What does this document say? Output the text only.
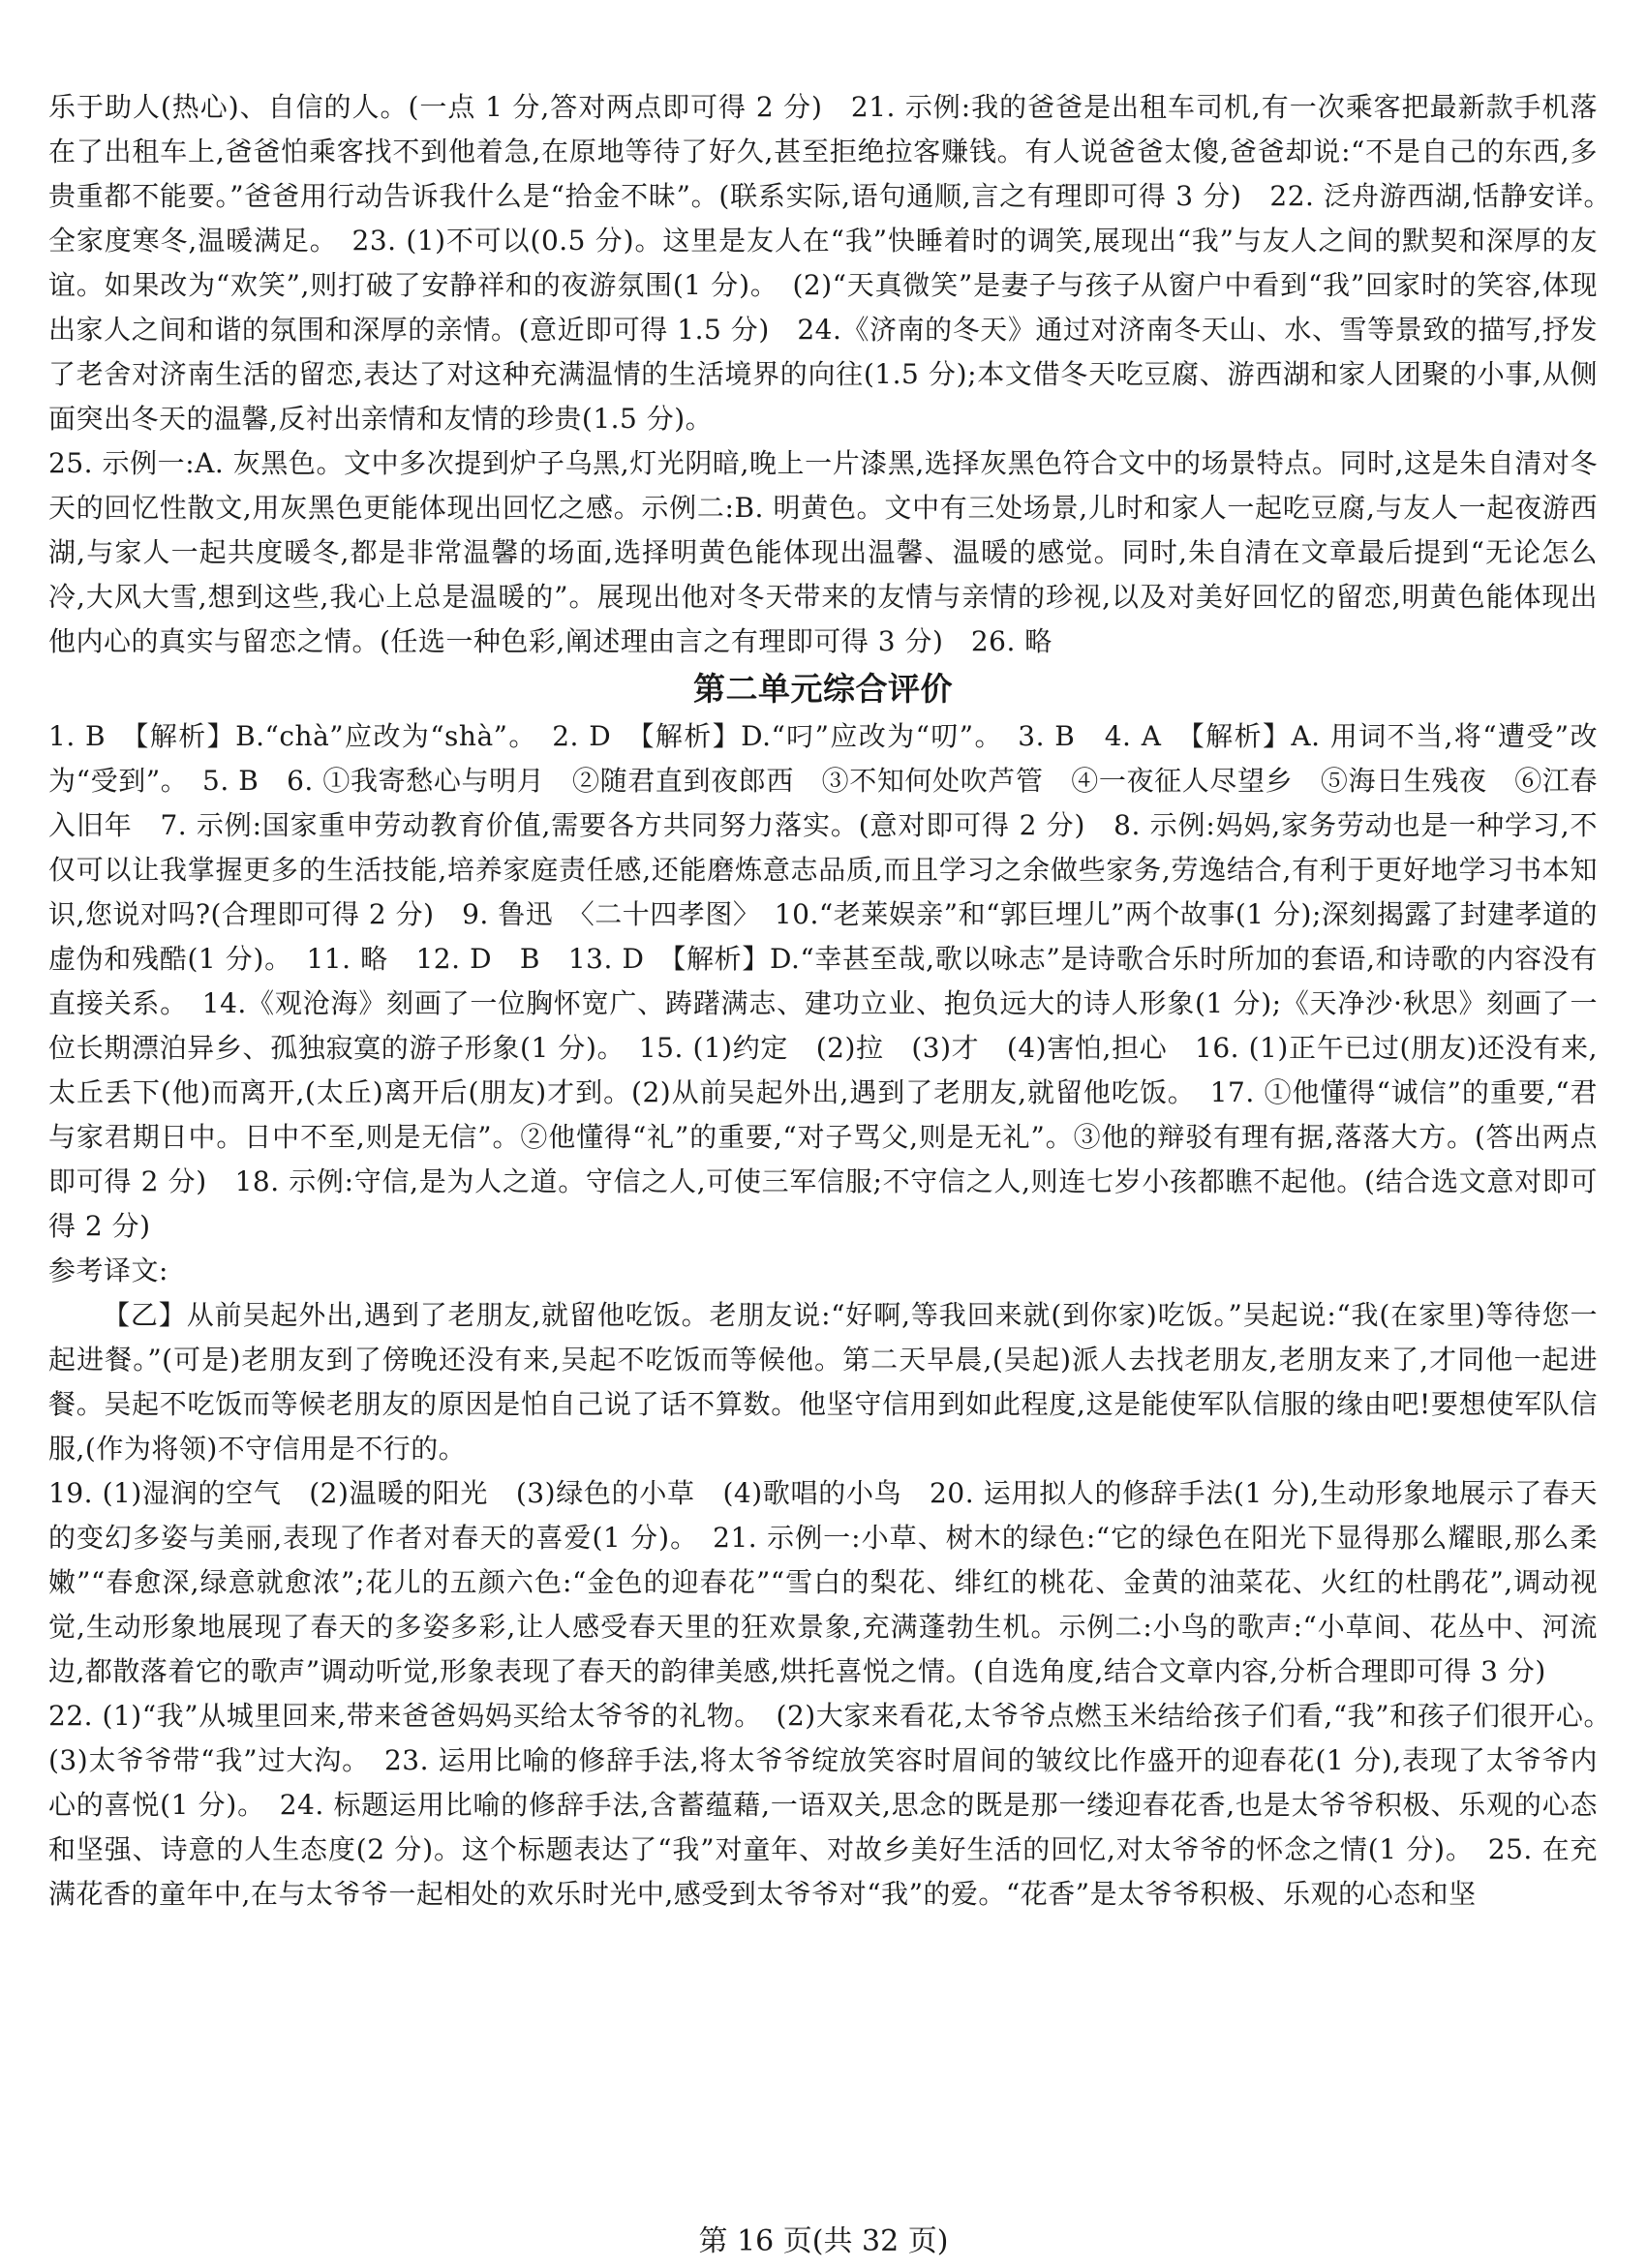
乐于助人(热心)、自信的人。(一点 1 分,答对两点即可得 2 分)　21. 示例:我的爸爸是出租车司机,有一次乘客把最新款手机落在了出租车上,爸爸怕乘客找不到他着急,在原地等待了好久,甚至拒绝拉客赚钱。有人说爸爸太傻,爸爸却说:“不是自己的东西,多贵重都不能要。”爸爸用行动告诉我什么是“拾金不昧”。(联系实际,语句通顺,言之有理即可得 3 分)　22. 泛舟游西湖,恬静安详。　全家度寒冬,温暖满足。　23. (1)不可以(0.5 分)。这里是友人在“我”快睡着时的调笑,展现出“我”与友人之间的默契和深厚的友谊。如果改为“欢笑”,则打破了安静祥和的夜游氛围(1 分)。　(2)“天真微笑”是妻子与孩子从窗户中看到“我”回家时的笑容,体现出家人之间和谐的氛围和深厚的亲情。(意近即可得 1.5 分)　24.《济南的冬天》通过对济南冬天山、水、雪等景致的描写,抒发了老舍对济南生活的留恋,表达了对这种充满温情的生活境界的向往(1.5 分);本文借冬天吃豆腐、游西湖和家人团聚的小事,从侧面突出冬天的温馨,反衬出亲情和友情的珍贵(1.5 分)。

25. 示例一:A. 灰黑色。文中多次提到炉子乌黑,灯光阴暗,晚上一片漆黑,选择灰黑色符合文中的场景特点。同时,这是朱自清对冬天的回忆性散文,用灰黑色更能体现出回忆之感。示例二:B. 明黄色。文中有三处场景,儿时和家人一起吃豆腐,与友人一起夜游西湖,与家人一起共度暖冬,都是非常温馨的场面,选择明黄色能体现出温馨、温暖的感觉。同时,朱自清在文章最后提到“无论怎么冷,大风大雪,想到这些,我心上总是温暖的”。展现出他对冬天带来的友情与亲情的珍视,以及对美好回忆的留恋,明黄色能体现出他内心的真实与留恋之情。(任选一种色彩,阐述理由言之有理即可得 3 分)　26. 略

第二单元综合评价

1. B　【解析】B.“chà”应改为“shà”。　2. D　【解析】D.“叼”应改为“叨”。　3. B　4. A　【解析】A. 用词不当,将“遭受”改为“受到”。　5. B　6. ①我寄愁心与明月　②随君直到夜郎西　③不知何处吹芦管　④一夜征人尽望乡　⑤海日生残夜　⑥江春入旧年　7. 示例:国家重申劳动教育价值,需要各方共同努力落实。(意对即可得 2 分)　8. 示例:妈妈,家务劳动也是一种学习,不仅可以让我掌握更多的生活技能,培养家庭责任感,还能磨炼意志品质,而且学习之余做些家务,劳逸结合,有利于更好地学习书本知识,您说对吗?(合理即可得 2 分)　9. 鲁迅　〈二十四孝图〉　10.“老莱娱亲”和“郭巨埋儿”两个故事(1 分);深刻揭露了封建孝道的虚伪和残酷(1 分)。　11. 略　12. D　B　13. D　【解析】D.“幸甚至哉,歌以咏志”是诗歌合乐时所加的套语,和诗歌的内容没有直接关系。　14.《观沧海》刻画了一位胸怀宽广、踌躇满志、建功立业、抱负远大的诗人形象(1 分);《天净沙·秋思》刻画了一位长期漂泊异乡、孤独寂寞的游子形象(1 分)。　15. (1)约定　(2)拉　(3)才　(4)害怕,担心　16. (1)正午已过(朋友)还没有来,太丘丢下(他)而离开,(太丘)离开后(朋友)才到。(2)从前吴起外出,遇到了老朋友,就留他吃饭。　17. ①他懂得“诚信”的重要,“君与家君期日中。日中不至,则是无信”。②他懂得“礼”的重要,“对子骂父,则是无礼”。③他的辩驳有理有据,落落大方。(答出两点即可得 2 分)　18. 示例:守信,是为人之道。守信之人,可使三军信服;不守信之人,则连七岁小孩都瞧不起他。(结合选文意对即可得 2 分)

参考译文:

【乙】从前吴起外出,遇到了老朋友,就留他吃饭。老朋友说:“好啊,等我回来就(到你家)吃饭。”吴起说:“我(在家里)等待您一起进餐。”(可是)老朋友到了傍晚还没有来,吴起不吃饭而等候他。第二天早晨,(吴起)派人去找老朋友,老朋友来了,才同他一起进餐。吴起不吃饭而等候老朋友的原因是怕自己说了话不算数。他坚守信用到如此程度,这是能使军队信服的缘由吧!要想使军队信服,(作为将领)不守信用是不行的。

19. (1)湿润的空气　(2)温暖的阳光　(3)绿色的小草　(4)歌唱的小鸟　20. 运用拟人的修辞手法(1 分),生动形象地展示了春天的变幻多姿与美丽,表现了作者对春天的喜爱(1 分)。　21. 示例一:小草、树木的绿色:“它的绿色在阳光下显得那么耀眼,那么柔嫩”“春愈深,绿意就愈浓”;花儿的五颜六色:“金色的迎春花”“雪白的梨花、绯红的桃花、金黄的油菜花、火红的杜鹃花”,调动视觉,生动形象地展现了春天的多姿多彩,让人感受春天里的狂欢景象,充满蓬勃生机。示例二:小鸟的歌声:“小草间、花丛中、河流边,都散落着它的歌声”调动听觉,形象表现了春天的韵律美感,烘托喜悦之情。(自选角度,结合文章内容,分析合理即可得 3 分)

22. (1)“我”从城里回来,带来爸爸妈妈买给太爷爷的礼物。　(2)大家来看花,太爷爷点燃玉米结给孩子们看,“我”和孩子们很开心。　(3)太爷爷带“我”过大沟。　23. 运用比喻的修辞手法,将太爷爷绽放笑容时眉间的皱纹比作盛开的迎春花(1 分),表现了太爷爷内心的喜悦(1 分)。　24. 标题运用比喻的修辞手法,含蓄蕴藉,一语双关,思念的既是那一缕迎春花香,也是太爷爷积极、乐观的心态和坚强、诗意的人生态度(2 分)。这个标题表达了“我”对童年、对故乡美好生活的回忆,对太爷爷的怀念之情(1 分)。　25. 在充满花香的童年中,在与太爷爷一起相处的欢乐时光中,感受到太爷爷对“我”的爱。“花香”是太爷爷积极、乐观的心态和坚

第 16 页(共 32 页)
